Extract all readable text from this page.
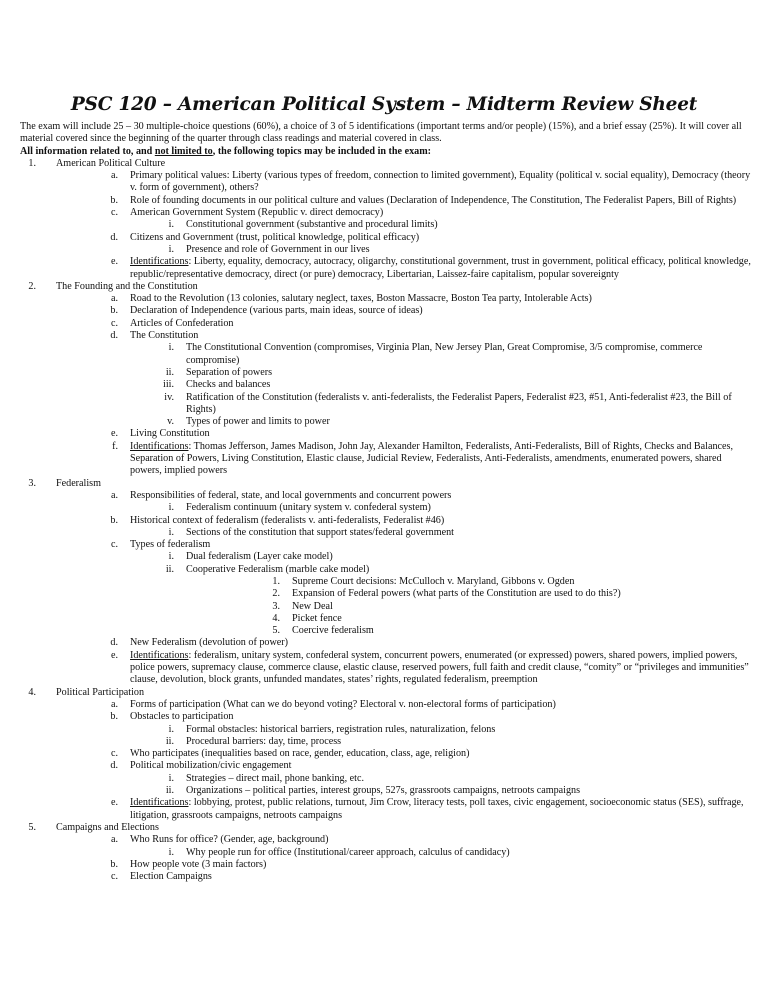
PSC 120 – American Political System – Midterm Review Sheet

The exam will include 25 – 30 multiple-choice questions (60%), a choice of 3 of 5 identifications (important terms and/or people) (15%), and a brief essay (25%). It will cover all material covered since the beginning of the quarter through class readings and material covered in class.

All information related to, and not limited to, the following topics may be included in the exam:

1. American Political Culture
a. Primary political values: Liberty (various types of freedom, connection to limited government), Equality (political v. social equality), Democracy (theory v. form of government), others?
b. Role of founding documents in our political culture and values (Declaration of Independence, The Constitution, The Federalist Papers, Bill of Rights)
c. American Government System (Republic v. direct democracy)
i. Constitutional government (substantive and procedural limits)
d. Citizens and Government (trust, political knowledge, political efficacy)
i. Presence and role of Government in our lives
e. Identifications: Liberty, equality, democracy, autocracy, oligarchy, constitutional government, trust in government, political efficacy, political knowledge, republic/representative democracy, direct (or pure) democracy, Libertarian, Laissez-faire capitalism, popular sovereignty
2. The Founding and the Constitution
a. Road to the Revolution (13 colonies, salutary neglect, taxes, Boston Massacre, Boston Tea party, Intolerable Acts)
b. Declaration of Independence (various parts, main ideas, source of ideas)
c. Articles of Confederation
d. The Constitution
i. The Constitutional Convention (compromises, Virginia Plan, New Jersey Plan, Great Compromise, 3/5 compromise, commerce compromise)
ii. Separation of powers
iii. Checks and balances
iv. Ratification of the Constitution (federalists v. anti-federalists, the Federalist Papers, Federalist #23, #51, Anti-federalist #23, the Bill of Rights)
v. Types of power and limits to power
e. Living Constitution
f. Identifications: Thomas Jefferson, James Madison, John Jay, Alexander Hamilton, Federalists, Anti-Federalists, Bill of Rights, Checks and Balances, Separation of Powers, Living Constitution, Elastic clause, Judicial Review, Federalists, Anti-Federalists, amendments, enumerated powers, shared powers, implied powers
3. Federalism
a. Responsibilities of federal, state, and local governments and concurrent powers
i. Federalism continuum (unitary system v. confederal system)
b. Historical context of federalism (federalists v. anti-federalists, Federalist #46)
i. Sections of the constitution that support states/federal government
c. Types of federalism
i. Dual federalism (Layer cake model)
ii. Cooperative Federalism (marble cake model)
1. Supreme Court decisions: McCulloch v. Maryland, Gibbons v. Ogden
2. Expansion of Federal powers (what parts of the Constitution are used to do this?)
3. New Deal
4. Picket fence
5. Coercive federalism
d. New Federalism (devolution of power)
e. Identifications: federalism, unitary system, confederal system, concurrent powers, enumerated (or expressed) powers, shared powers, implied powers, police powers, supremacy clause, commerce clause, elastic clause, reserved powers, full faith and credit clause, “comity” or “privileges and immunities” clause, devolution, block grants, unfunded mandates, states’ rights, regulated federalism, preemption
4. Political Participation
a. Forms of participation (What can we do beyond voting? Electoral v. non-electoral forms of participation)
b. Obstacles to participation
i. Formal obstacles: historical barriers, registration rules, naturalization, felons
ii. Procedural barriers: day, time, process
c. Who participates (inequalities based on race, gender, education, class, age, religion)
d. Political mobilization/civic engagement
i. Strategies – direct mail, phone banking, etc.
ii. Organizations – political parties, interest groups, 527s, grassroots campaigns, netroots campaigns
e. Identifications: lobbying, protest, public relations, turnout, Jim Crow, literacy tests, poll taxes, civic engagement, socioeconomic status (SES), suffrage, litigation, grassroots campaigns, netroots campaigns
5. Campaigns and Elections
a. Who Runs for office? (Gender, age, background)
i. Why people run for office (Institutional/career approach, calculus of candidacy)
b. How people vote (3 main factors)
c. Election Campaigns
